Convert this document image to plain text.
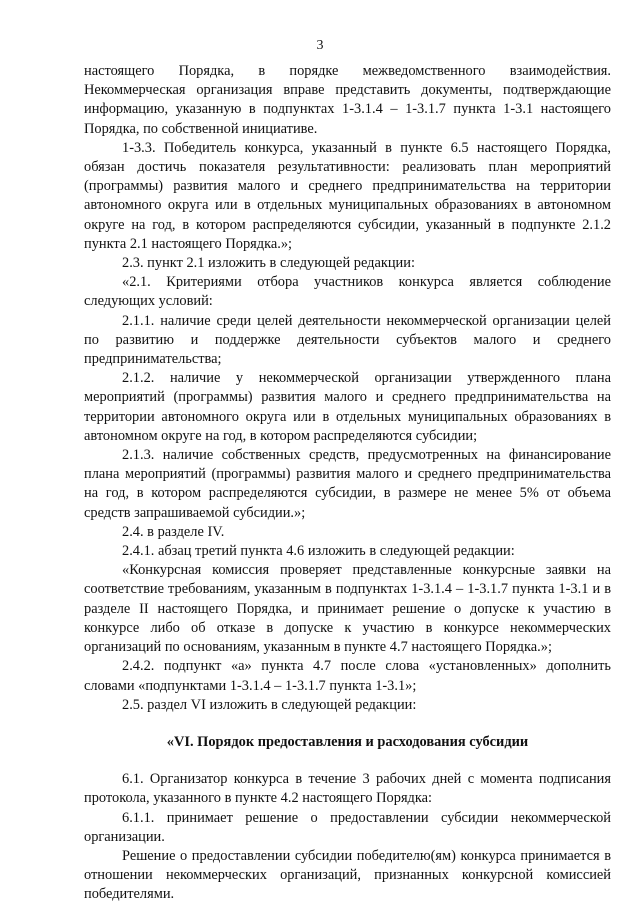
3

настоящего Порядка, в порядке межведомственного взаимодействия. Некоммерческая организация вправе представить документы, подтверждающие информацию, указанную в подпунктах 1-3.1.4 – 1-3.1.7 пункта 1-3.1 настоящего Порядка, по собственной инициативе.

1-3.3. Победитель конкурса, указанный в пункте 6.5 настоящего Порядка, обязан достичь показателя результативности: реализовать план мероприятий (программы) развития малого и среднего предпринимательства на территории автономного округа или в отдельных муниципальных образованиях в автономном округе на год, в котором распределяются субсидии, указанный в подпункте 2.1.2 пункта 2.1 настоящего Порядка.»;

2.3. пункт 2.1 изложить в следующей редакции:

«2.1. Критериями отбора участников конкурса является соблюдение следующих условий:

2.1.1. наличие среди целей деятельности некоммерческой организации целей по развитию и поддержке деятельности субъектов малого и среднего предпринимательства;

2.1.2. наличие у некоммерческой организации утвержденного плана мероприятий (программы) развития малого и среднего предпринимательства на территории автономного округа или в отдельных муниципальных образованиях в автономном округе на год, в котором распределяются субсидии;

2.1.3. наличие собственных средств, предусмотренных на финансирование плана мероприятий (программы) развития малого и среднего предпринимательства на год, в котором распределяются субсидии, в размере не менее 5% от объема средств запрашиваемой субсидии.»;

2.4. в разделе IV.

2.4.1. абзац третий пункта 4.6 изложить в следующей редакции:

«Конкурсная комиссия проверяет представленные конкурсные заявки на соответствие требованиям, указанным в подпунктах 1-3.1.4 – 1-3.1.7 пункта 1-3.1 и в разделе II настоящего Порядка, и принимает решение о допуске к участию в конкурсе либо об отказе в допуске к участию в конкурсе некоммерческих организаций по основаниям, указанным в пункте 4.7 настоящего Порядка.»;

2.4.2. подпункт «а» пункта 4.7 после слова «установленных» дополнить словами «подпунктами 1-3.1.4 – 1-3.1.7 пункта 1-3.1»;

2.5. раздел VI изложить в следующей редакции:

«VI. Порядок предоставления и расходования субсидии

6.1. Организатор конкурса в течение 3 рабочих дней с момента подписания протокола, указанного в пункте 4.2 настоящего Порядка:

6.1.1. принимает решение о предоставлении субсидии некоммерческой организации.

Решение о предоставлении субсидии победителю(ям) конкурса принимается в отношении некоммерческих организаций, признанных конкурсной комиссией победителями.
